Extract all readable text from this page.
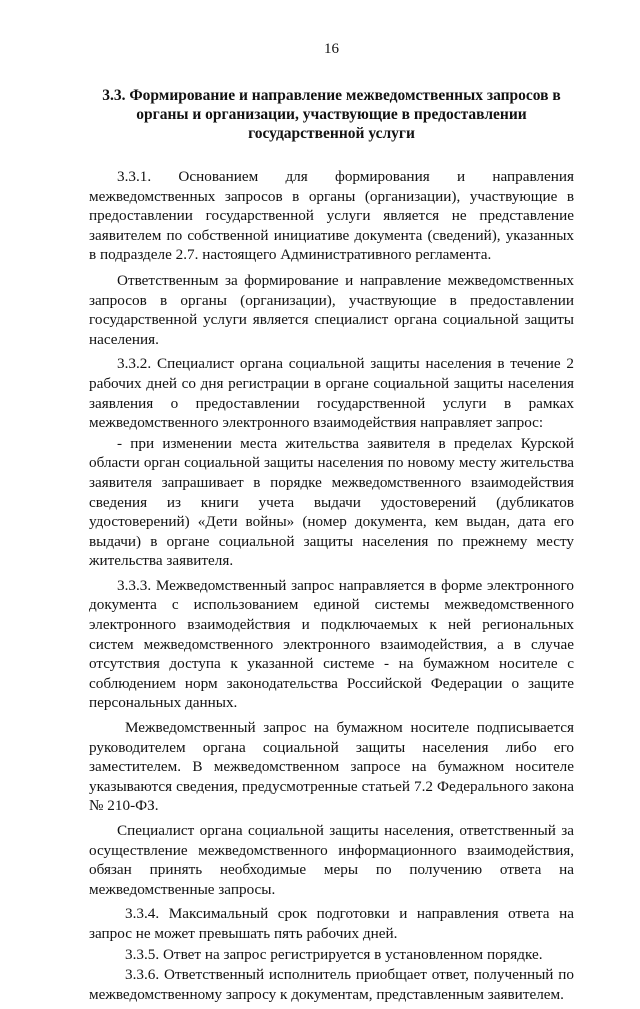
16
3.3. Формирование и направление межведомственных запросов в органы и организации, участвующие в предоставлении государственной услуги

3.3.1. Основанием для формирования и направления межведомственных запросов в органы (организации), участвующие в предоставлении государственной услуги является не представление заявителем по собственной инициативе документа (сведений), указанных в подразделе 2.7. настоящего Административного регламента.

Ответственным за формирование и направление межведомственных запросов в органы (организации), участвующие в предоставлении государственной услуги является специалист органа социальной защиты населения.

3.3.2. Специалист органа социальной защиты населения в течение 2 рабочих дней со дня регистрации в органе социальной защиты населения заявления о предоставлении государственной услуги в рамках межведомственного электронного взаимодействия направляет запрос:

- при изменении места жительства заявителя в пределах Курской области орган социальной защиты населения по новому месту жительства заявителя запрашивает в порядке межведомственного взаимодействия сведения из книги учета выдачи удостоверений (дубликатов удостоверений) «Дети войны» (номер документа, кем выдан, дата его выдачи) в органе социальной защиты населения по прежнему месту жительства заявителя.

3.3.3. Межведомственный запрос направляется в форме электронного документа с использованием единой системы межведомственного электронного взаимодействия и подключаемых к ней региональных систем межведомственного электронного взаимодействия, а в случае отсутствия доступа к указанной системе - на бумажном носителе с соблюдением норм законодательства Российской Федерации о защите персональных данных.

Межведомственный запрос на бумажном носителе подписывается руководителем органа социальной защиты населения либо его заместителем. В межведомственном запросе на бумажном носителе указываются сведения, предусмотренные статьей 7.2 Федерального закона № 210-ФЗ.

Специалист органа социальной защиты населения, ответственный за осуществление межведомственного информационного взаимодействия, обязан принять необходимые меры по получению ответа на межведомственные запросы.

3.3.4. Максимальный срок подготовки и направления ответа на запрос не может превышать пять рабочих дней.

3.3.5. Ответ на запрос регистрируется в установленном порядке.

3.3.6. Ответственный исполнитель приобщает ответ, полученный по межведомственному запросу к документам, представленным заявителем.
